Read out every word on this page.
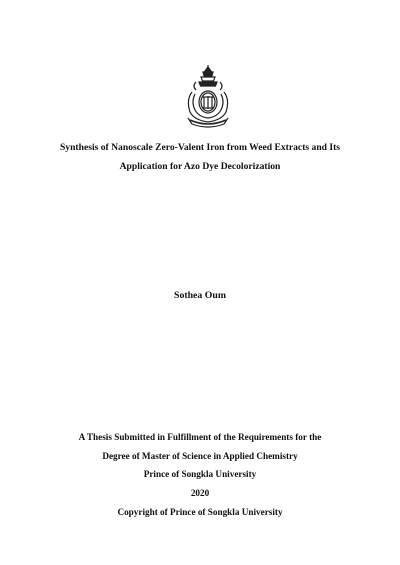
Synthesis of Nanoscale Zero-Valent Iron from Weed Extracts and Its
Application for Azo Dye Decolorization
Sothea Oum
A Thesis Submitted in Fulfillment of the Requirements for the
Degree of Master of Science in Applied Chemistry
Prince of Songkla University
2020
Copyright of Prince of Songkla University
